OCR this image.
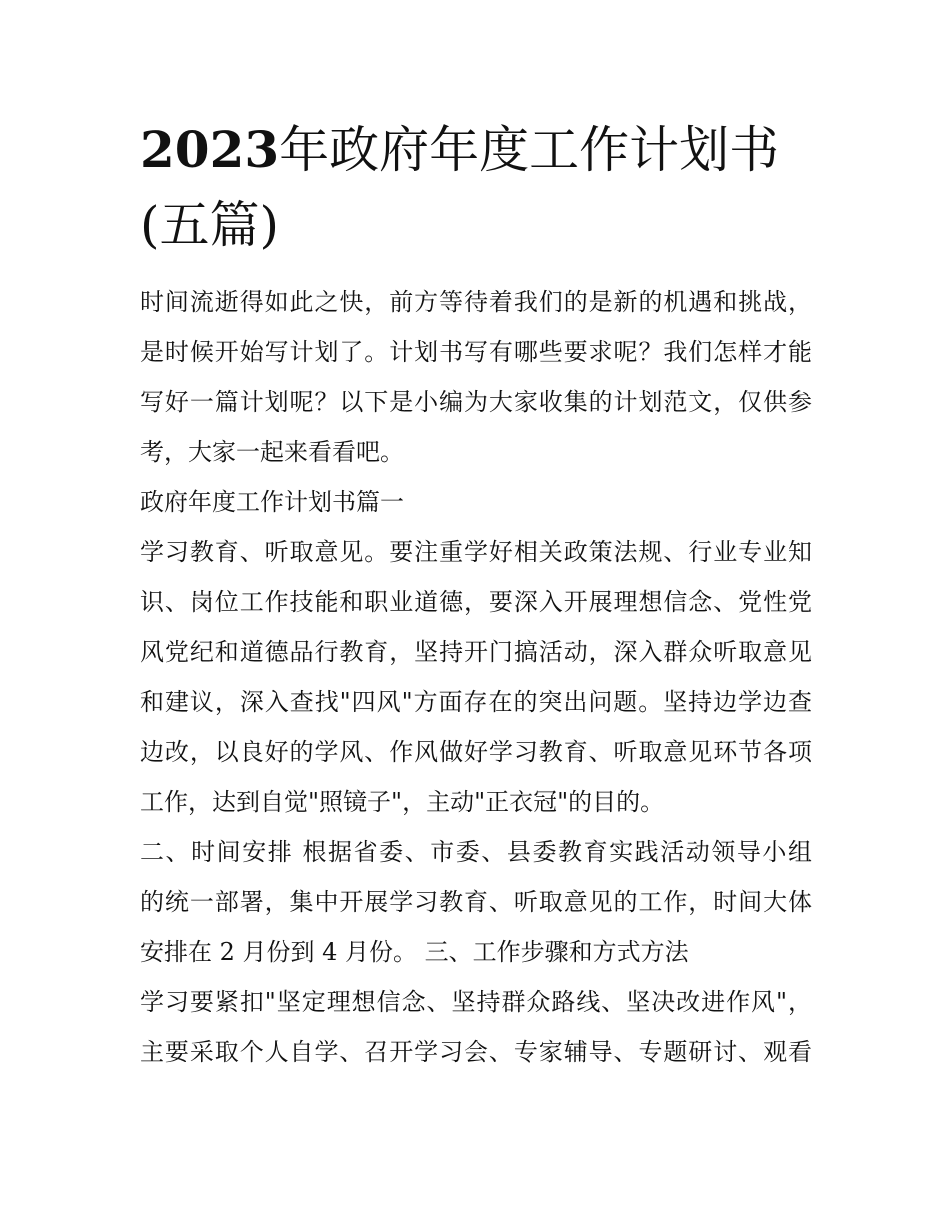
2023年政府年度工作计划书
(五篇)
时间流逝得如此之快，前方等待着我们的是新的机遇和挑战，
是时候开始写计划了。计划书写有哪些要求呢？我们怎样才能
写好一篇计划呢？以下是小编为大家收集的计划范文，仅供参
考，大家一起来看看吧。
政府年度工作计划书篇一
学习教育、听取意见。要注重学好相关政策法规、行业专业知
识、岗位工作技能和职业道德，要深入开展理想信念、党性党
风党纪和道德品行教育，坚持开门搞活动，深入群众听取意见
和建议，深入查找"四风"方面存在的突出问题。坚持边学边查
边改，以良好的学风、作风做好学习教育、听取意见环节各项
工作，达到自觉"照镜子"，主动"正衣冠"的目的。
二、时间安排 根据省委、市委、县委教育实践活动领导小组
的统一部署，集中开展学习教育、听取意见的工作，时间大体
安排在 2 月份到 4 月份。 三、工作步骤和方式方法
学习要紧扣"坚定理想信念、坚持群众路线、坚决改进作风"，
主要采取个人自学、召开学习会、专家辅导、专题研讨、观看
